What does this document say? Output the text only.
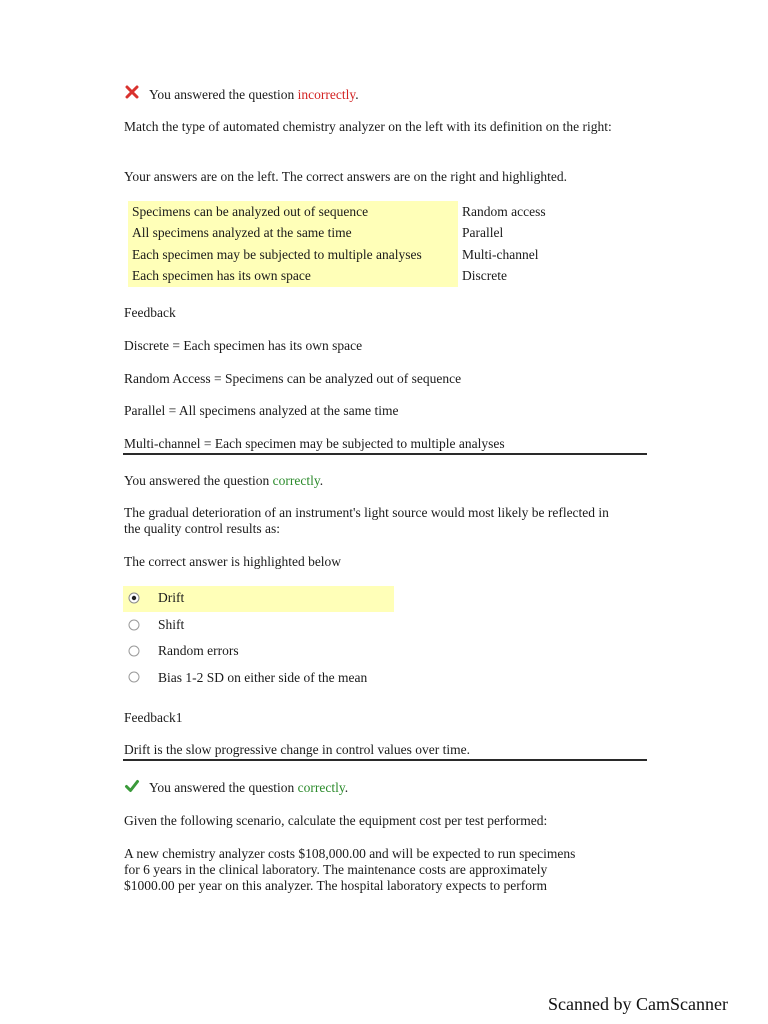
You answered the question incorrectly.
Match the type of automated chemistry analyzer on the left with its definition on the right:
Your answers are on the left. The correct answers are on the right and highlighted.
Specimens can be analyzed out of sequence	Random access
All specimens analyzed at the same time	Parallel
Each specimen may be subjected to multiple analyses	Multi-channel
Each specimen has its own space	Discrete
Feedback
Discrete = Each specimen has its own space
Random Access = Specimens can be analyzed out of sequence
Parallel = All specimens analyzed at the same time
Multi-channel = Each specimen may be subjected to multiple analyses
You answered the question correctly.
The gradual deterioration of an instrument's light source would most likely be reflected in the quality control results as:
The correct answer is highlighted below
Drift
Shift
Random errors
Bias 1-2 SD on either side of the mean
Feedback1
Drift is the slow progressive change in control values over time.
You answered the question correctly.
Given the following scenario, calculate the equipment cost per test performed:
A new chemistry analyzer costs $108,000.00 and will be expected to run specimens
for 6 years in the clinical laboratory. The maintenance costs are approximately
$1000.00 per year on this analyzer. The hospital laboratory expects to perform
Scanned by CamScanner
